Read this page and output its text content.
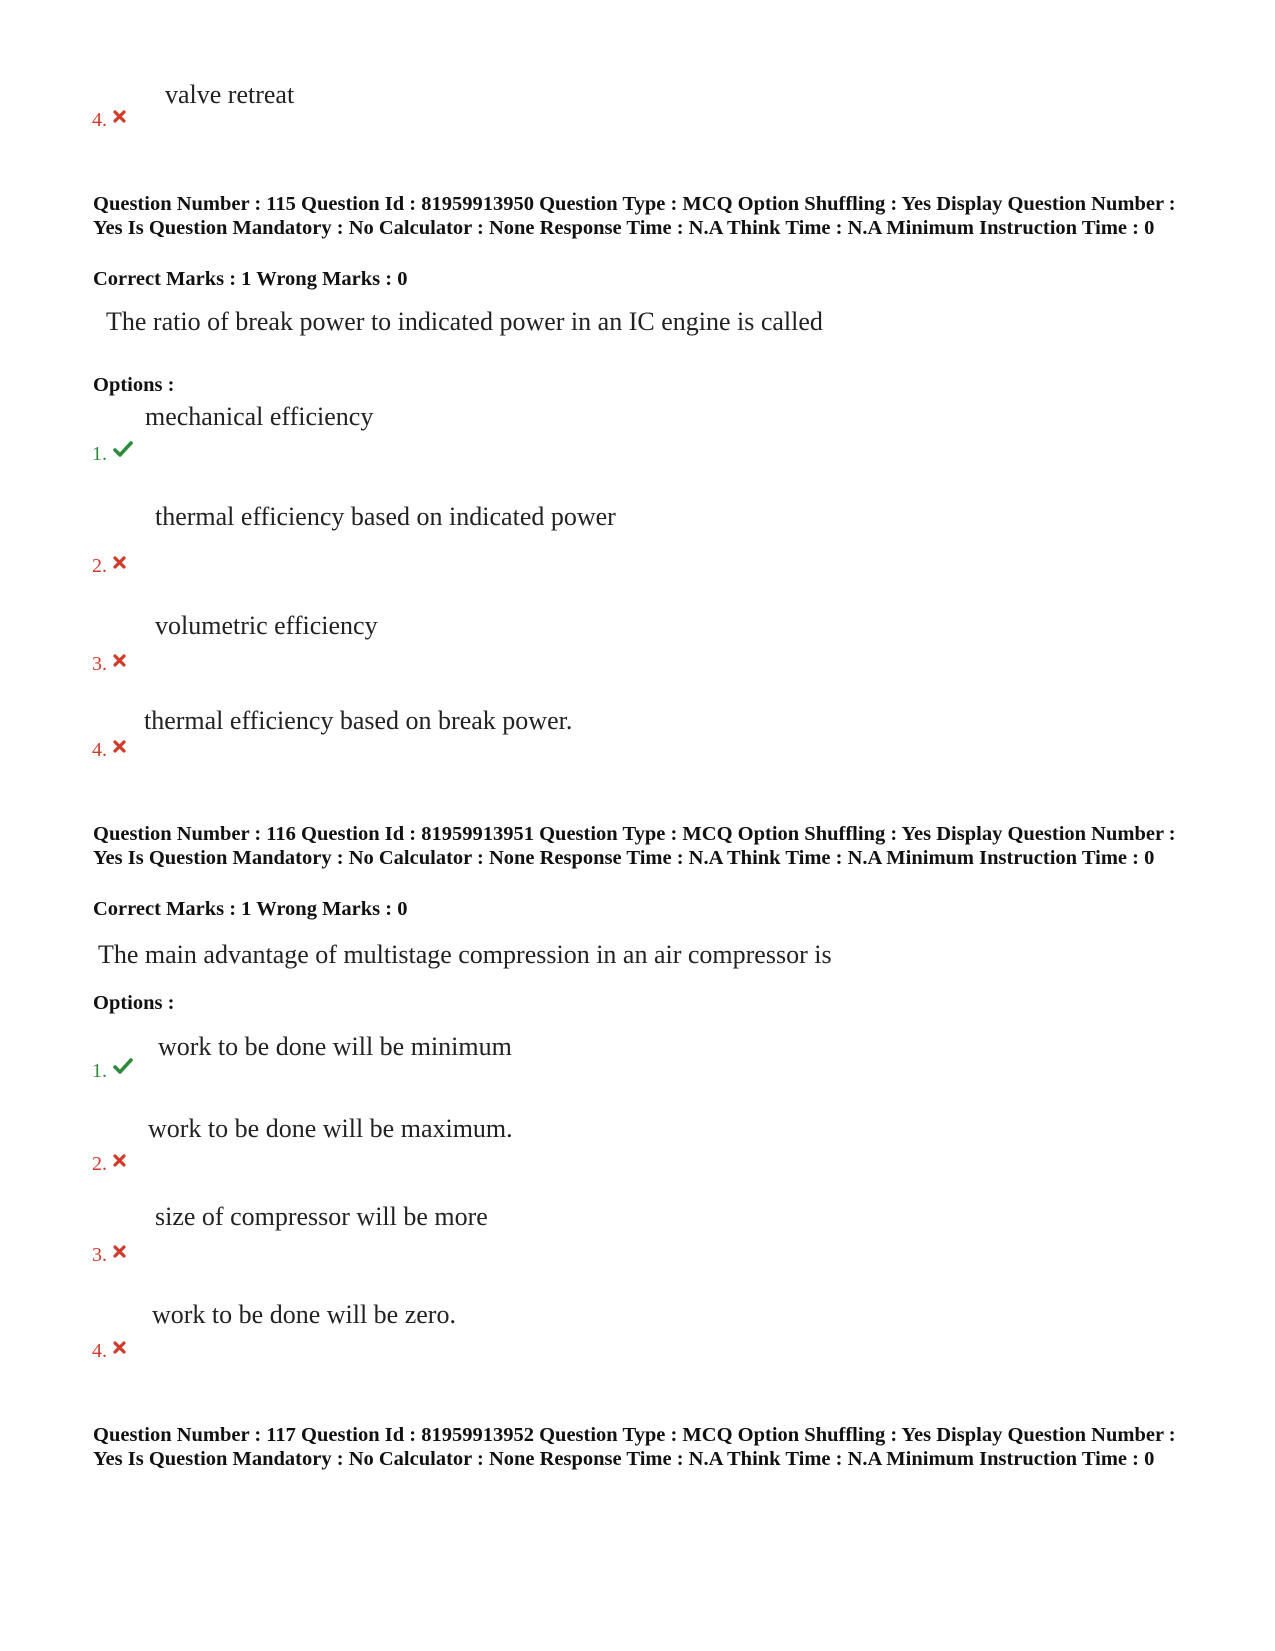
valve retreat
4.
Question Number : 115 Question Id : 81959913950 Question Type : MCQ Option Shuffling : Yes Display Question Number : Yes Is Question Mandatory : No Calculator : None Response Time : N.A Think Time : N.A Minimum Instruction Time : 0
Correct Marks : 1 Wrong Marks : 0
The ratio of break power to indicated power in an IC engine is called
Options :
mechanical efficiency
1.
thermal efficiency based on indicated power
2.
volumetric efficiency
3.
thermal efficiency based on break power.
4.
Question Number : 116 Question Id : 81959913951 Question Type : MCQ Option Shuffling : Yes Display Question Number : Yes Is Question Mandatory : No Calculator : None Response Time : N.A Think Time : N.A Minimum Instruction Time : 0
Correct Marks : 1 Wrong Marks : 0
The main advantage of multistage compression in an air compressor is
Options :
work to be done will be minimum
1.
work to be done will be maximum.
2.
size of compressor will be more
3.
work to be done will be zero.
4.
Question Number : 117 Question Id : 81959913952 Question Type : MCQ Option Shuffling : Yes Display Question Number : Yes Is Question Mandatory : No Calculator : None Response Time : N.A Think Time : N.A Minimum Instruction Time : 0
